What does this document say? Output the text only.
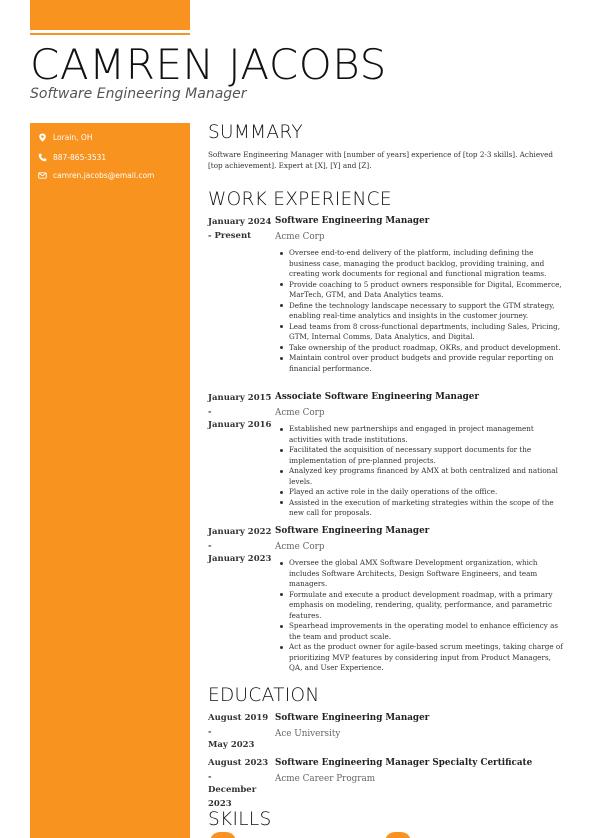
CAMREN JACOBS
Software Engineering Manager
Lorain, OH
887-865-3531
camren.jacobs@email.com
SUMMARY
Software Engineering Manager with [number of years] experience of [top 2-3 skills]. Achieved [top achievement]. Expert at [X], [Y] and [Z].
WORK EXPERIENCE
January 2024
- Present
Software Engineering Manager
Acme Corp
Oversee end-to-end delivery of the platform, including defining the business case, managing the product backlog, providing training, and creating work documents for regional and functional migration teams.
Provide coaching to 5 product owners responsible for Digital, Ecommerce, MarTech, GTM, and Data Analytics teams.
Define the technology landscape necessary to support the GTM strategy, enabling real-time analytics and insights in the customer journey.
Lead teams from 8 cross-functional departments, including Sales, Pricing, GTM, Internal Comms, Data Analytics, and Digital.
Take ownership of the product roadmap, OKRs, and product development.
Maintain control over product budgets and provide regular reporting on financial performance.
January 2015
-
January 2016
Associate Software Engineering Manager
Acme Corp
Established new partnerships and engaged in project management activities with trade institutions.
Facilitated the acquisition of necessary support documents for the implementation of pre-planned projects.
Analyzed key programs financed by AMX at both centralized and national levels.
Played an active role in the daily operations of the office.
Assisted in the execution of marketing strategies within the scope of the new call for proposals.
January 2022
-
January 2023
Software Engineering Manager
Acme Corp
Oversee the global AMX Software Development organization, which includes Software Architects, Design Software Engineers, and team managers.
Formulate and execute a product development roadmap, with a primary emphasis on modeling, rendering, quality, performance, and parametric features.
Spearhead improvements in the operating model to enhance efficiency as the team and product scale.
Act as the product owner for agile-based scrum meetings, taking charge of prioritizing MVP features by considering input from Product Managers, QA, and User Experience.
EDUCATION
August 2019 -
May 2023
Software Engineering Manager
Ace University
August 2023 -
December 2023
Software Engineering Manager Specialty Certificate
Acme Career Program
SKILLS
